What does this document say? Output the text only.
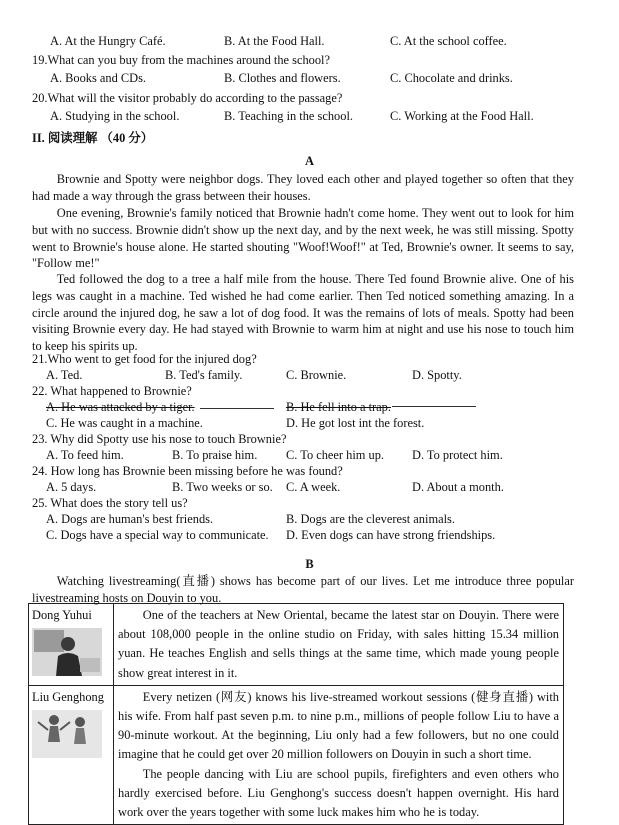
A. At the Hungry Café.	B. At the Food Hall.	C. At the school coffee.
19.What can you buy from the machines around the school?
A. Books and CDs.	B. Clothes and flowers.	C. Chocolate and drinks.
20.What will the visitor probably do according to the passage?
A. Studying in the school.	B. Teaching in the school.	C. Working at the Food Hall.
II. 阅读理解 （40 分）
A
Brownie and Spotty were neighbor dogs. They loved each other and played together so often that they had made a way through the grass between their houses.
One evening, Brownie's family noticed that Brownie hadn't come home. They went out to look for him but with no success. Brownie didn't show up the next day, and by the next week, he was still missing. Spotty went to Brownie's house alone. He started shouting "Woof!Woof!" at Ted, Brownie's owner. It seems to say, "Follow me!"
Ted followed the dog to a tree a half mile from the house. There Ted found Brownie alive. One of his legs was caught in a machine. Ted wished he had come earlier. Then Ted noticed something amazing. In a circle around the injured dog, he saw a lot of dog food. It was the remains of lots of meals. Spotty had been visiting Brownie every day. He had stayed with Brownie to warm him at night and use his nose to touch him to keep his spirits up.
21.Who went to get food for the injured dog?
A. Ted.	B. Ted's family.	C. Brownie.	D. Spotty.
22. What happened to Brownie?
A. He was attacked by a tiger.	B. He fell into a trap.
C. He was caught in a machine.	D. He got lost int the forest.
23. Why did Spotty use his nose to touch Brownie?
A. To feed him.	B. To praise him. C. To cheer him up. D. To protect him.
24. How long has Brownie been missing before he was found?
A. 5 days.	B. Two weeks or so. C. A week.	D. About a month.
25. What does the story tell us?
A. Dogs are human's best friends.	B. Dogs are the cleverest animals.
C. Dogs have a special way to communicate. D. Even dogs can have strong friendships.
B
Watching livestreaming(直播) shows has become part of our lives. Let me introduce three popular livestreaming hosts on Douyin to you.
Dong Yuhui	One of the teachers at New Oriental, became the latest star on Douyin. There were about 108,000 people in the online studio on Friday, with sales hitting 15.34 million yuan. He teaches English and sells things at the same time, which made young people show great interest in it.

Liu Genghong	Every netizen (网友) knows his live-streamed workout sessions (健身直播) with his wife. From half past seven p.m. to nine p.m., millions of people follow Liu to have a 90-minute workout. At the beginning, Liu only had a few followers, but no one could imagine that he could get over 20 million followers on Douyin in such a short time.
The people dancing with Liu are school pupils, firefighters and even others who hardly exercised before. Liu Genghong's success doesn't happen overnight. His hard work over the years together with some luck makes him who he is today.
